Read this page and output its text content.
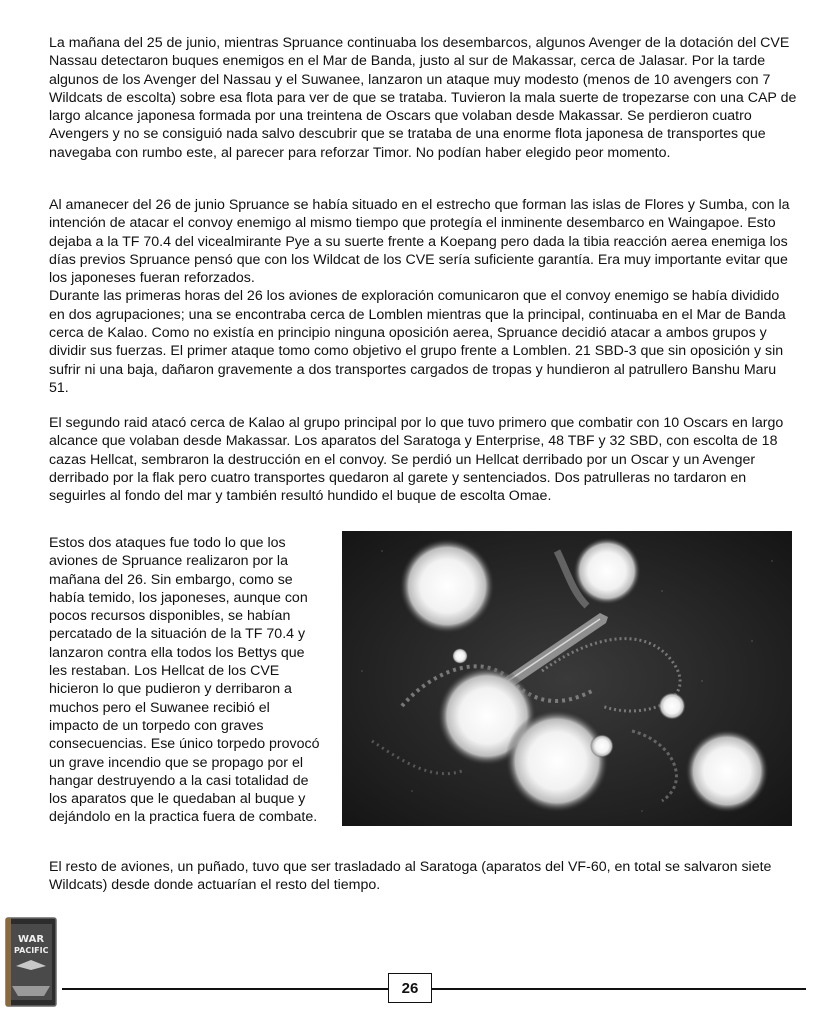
La mañana del 25 de junio, mientras Spruance continuaba los desembarcos, algunos Avenger de la dotación del CVE Nassau detectaron buques enemigos en el Mar de Banda, justo al sur de Makassar, cerca de Jalasar. Por la tarde algunos de los Avenger del Nassau y el Suwanee, lanzaron un ataque muy modesto (menos de 10 avengers con 7 Wildcats de escolta) sobre esa flota para ver de que se trataba. Tuvieron la mala suerte de tropezarse con una CAP de largo alcance japonesa formada por una treintena de Oscars que volaban desde Makassar. Se perdieron cuatro Avengers y no se consiguió nada salvo descubrir que se trataba de una enorme flota japonesa de transportes que navegaba con rumbo este, al parecer para reforzar Timor. No podían haber elegido peor momento.

Al amanecer del 26 de junio Spruance se había situado en el estrecho que forman las islas de Flores y Sumba, con la intención de atacar el convoy enemigo al mismo tiempo que protegía el inminente desembarco en Waingapoe. Esto dejaba a la TF 70.4 del vicealmirante Pye a su suerte frente a Koepang pero dada la tibia reacción aerea enemiga los días previos Spruance pensó que con los Wildcat de los CVE sería suficiente garantía. Era muy importante evitar que los japoneses fueran reforzados.
Durante las primeras horas del 26 los aviones de exploración comunicaron que el convoy enemigo se había dividido en dos agrupaciones; una se encontraba cerca de Lomblen mientras que la principal, continuaba en el Mar de Banda cerca de Kalao. Como no existía en principio ninguna oposición aerea, Spruance decidió atacar a ambos grupos y dividir sus fuerzas. El primer ataque tomo como objetivo el grupo frente a Lomblen. 21 SBD-3 que sin oposición y sin sufrir ni una baja, dañaron gravemente a dos transportes cargados de tropas y hundieron al patrullero Banshu Maru 51.

El segundo raid atacó cerca de Kalao al grupo principal por lo que tuvo primero que combatir con 10 Oscars en largo alcance que volaban desde Makassar. Los aparatos del Saratoga y Enterprise, 48 TBF y 32 SBD, con escolta de 18 cazas Hellcat, sembraron la destrucción en el convoy. Se perdió un Hellcat derribado por un Oscar y un Avenger derribado por la flak pero cuatro transportes quedaron al garete y sentenciados. Dos patrulleras no tardaron en seguirles al fondo del mar y también resultó hundido el buque de escolta Omae.

Estos dos ataques fue todo lo que los aviones de Spruance realizaron por la mañana del 26. Sin embargo, como se había temido, los japoneses, aunque con pocos recursos disponibles, se habían percatado de la situación de la TF 70.4 y lanzaron contra ella todos los Bettys que les restaban. Los Hellcat de los CVE hicieron lo que pudieron y derribaron a muchos pero el Suwanee recibió el impacto de un torpedo con graves consecuencias. Ese único torpedo provocó un grave incendio que se propago por el hangar destruyendo a la casi totalidad de los aparatos que le quedaban al buque y dejándolo en la practica fuera de combate.

El resto de aviones, un puñado, tuvo que ser trasladado al Saratoga (aparatos del VF-60, en total se salvaron siete Wildcats) desde donde actuarían el resto del tiempo.

WAR
PACIFIC
26
